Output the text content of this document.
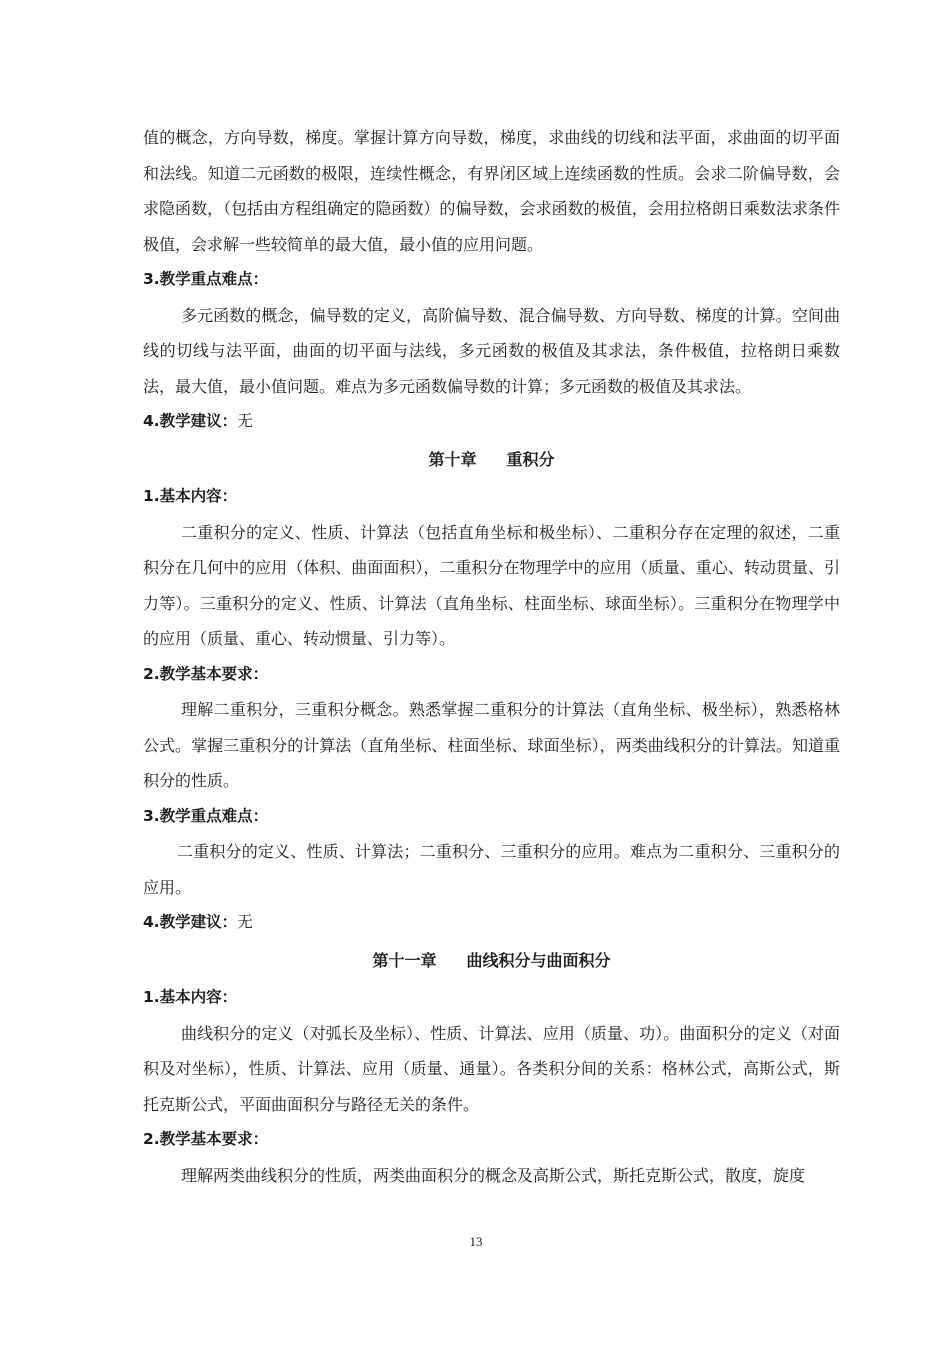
值的概念，方向导数，梯度。掌握计算方向导数，梯度，求曲线的切线和法平面，求曲面的切平面和法线。知道二元函数的极限，连续性概念，有界闭区域上连续函数的性质。会求二阶偏导数，会求隐函数，（包括由方程组确定的隐函数）的偏导数，会求函数的极值，会用拉格朗日乘数法求条件极值，会求解一些较简单的最大值，最小值的应用问题。

3.教学重点难点：

多元函数的概念，偏导数的定义，高阶偏导数、混合偏导数、方向导数、梯度的计算。空间曲线的切线与法平面，曲面的切平面与法线，多元函数的极值及其求法，条件极值，拉格朗日乘数法，最大值，最小值问题。难点为多元函数偏导数的计算；多元函数的极值及其求法。

4.教学建议：无
第十章 重积分
1.基本内容：

二重积分的定义、性质、计算法（包括直角坐标和极坐标）、二重积分存在定理的叙述，二重积分在几何中的应用（体积、曲面面积），二重积分在物理学中的应用（质量、重心、转动贯量、引力等）。三重积分的定义、性质、计算法（直角坐标、柱面坐标、球面坐标）。三重积分在物理学中的应用（质量、重心、转动惯量、引力等）。

2.教学基本要求：

理解二重积分，三重积分概念。熟悉掌握二重积分的计算法（直角坐标、极坐标），熟悉格林公式。掌握三重积分的计算法（直角坐标、柱面坐标、球面坐标），两类曲线积分的计算法。知道重积分的性质。

3.教学重点难点：

二重积分的定义、性质、计算法；二重积分、三重积分的应用。难点为二重积分、三重积分的应用。

4.教学建议：无
第十一章 曲线积分与曲面积分
1.基本内容：

曲线积分的定义（对弧长及坐标）、性质、计算法、应用（质量、功）。曲面积分的定义（对面积及对坐标），性质、计算法、应用（质量、通量）。各类积分间的关系：格林公式，高斯公式，斯托克斯公式，平面曲面积分与路径无关的条件。

2.教学基本要求：

理解两类曲线积分的性质，两类曲面积分的概念及高斯公式，斯托克斯公式，散度，旋度

13
